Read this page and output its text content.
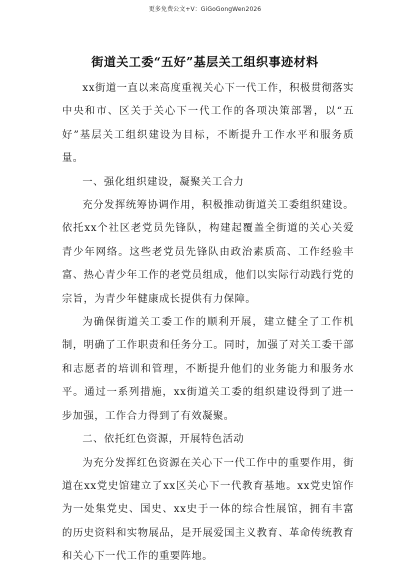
更多免费公文+V：GiGoGongWen2026
街道关工委“五好”基层关工组织事迹材料

xx街道一直以来高度重视关心下一代工作，积极贯彻落实中央和市、区关于关心下一代工作的各项决策部署，以“五好”基层关工组织建设为目标，不断提升工作水平和服务质量。

一、强化组织建设，凝聚关工合力

充分发挥统筹协调作用，积极推动街道关工委组织建设。依托xx个社区老党员先锋队，构建起覆盖全街道的关心关爱青少年网络。这些老党员先锋队由政治素质高、工作经验丰富、热心青少年工作的老党员组成，他们以实际行动践行党的宗旨，为青少年健康成长提供有力保障。

为确保街道关工委工作的顺利开展，建立健全了工作机制，明确了工作职责和任务分工。同时，加强了对关工委干部和志愿者的培训和管理，不断提升他们的业务能力和服务水平。通过一系列措施，xx街道关工委的组织建设得到了进一步加强，工作合力得到了有效凝聚。

二、依托红色资源，开展特色活动

为充分发挥红色资源在关心下一代工作中的重要作用，街道在xx党史馆建立了xx区关心下一代教育基地。xx党史馆作为一处集党史、国史、xx史于一体的综合性展馆，拥有丰富的历史资料和实物展品，是开展爱国主义教育、革命传统教育和关心下一代工作的重要阵地。
